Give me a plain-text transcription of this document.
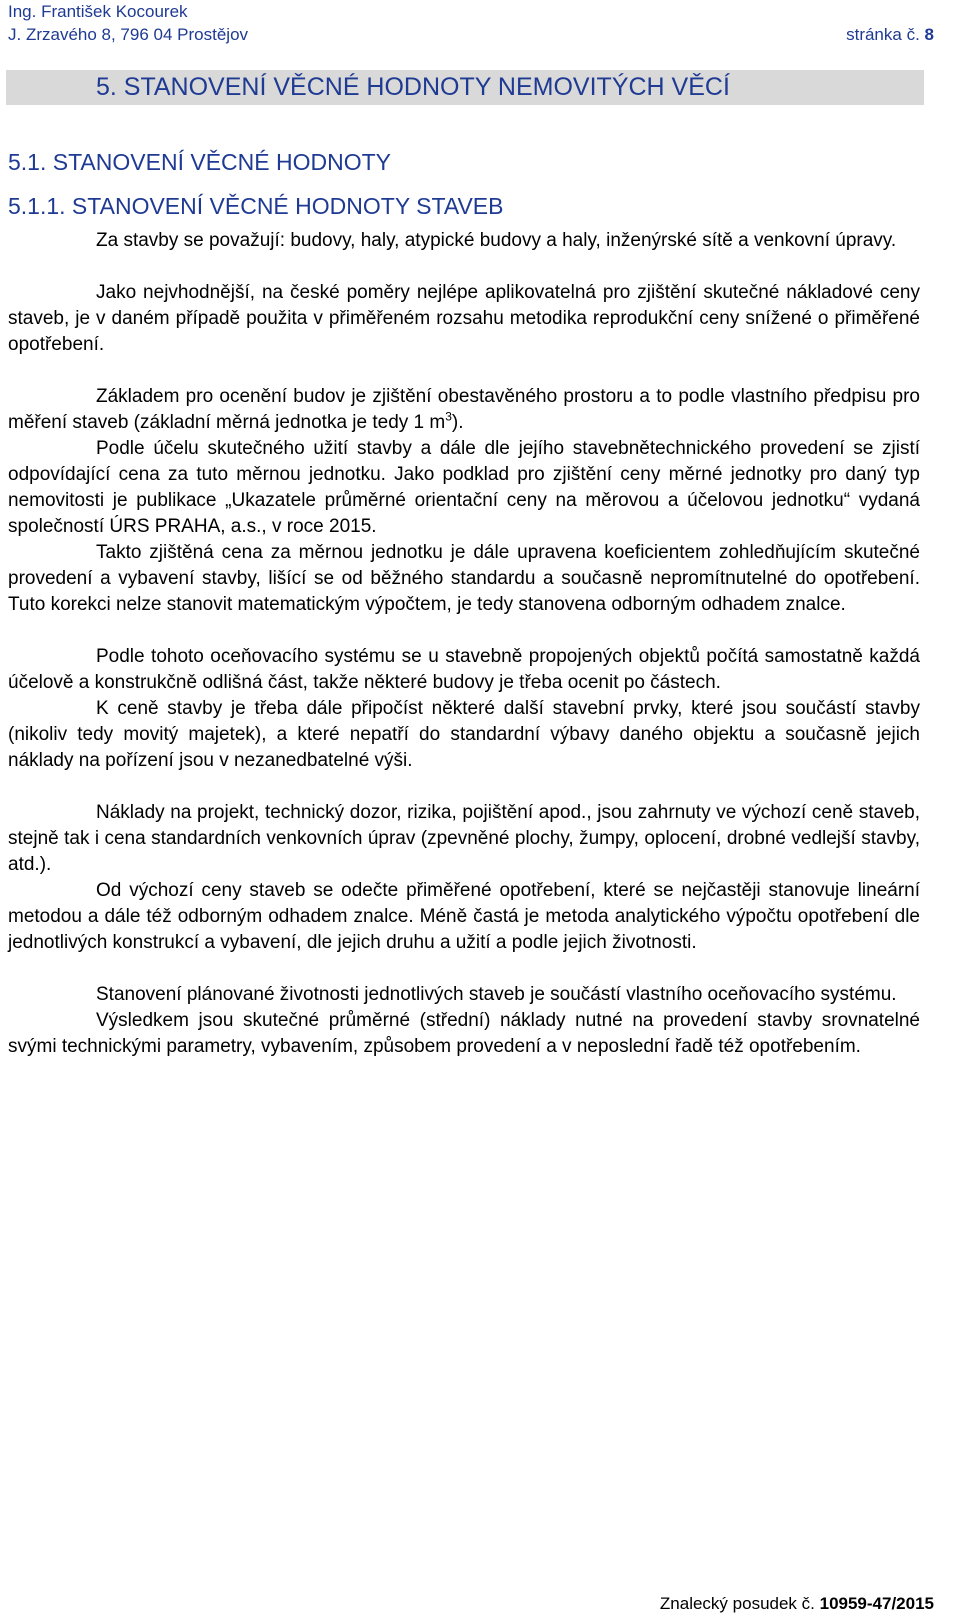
Ing. František Kocourek
J. Zrzavého 8, 796 04 Prostějov	stránka č. 8
5. STANOVENÍ VĚCNÉ HODNOTY NEMOVITÝCH VĚCÍ
5.1. STANOVENÍ VĚCNÉ HODNOTY
5.1.1. STANOVENÍ VĚCNÉ HODNOTY STAVEB

Za stavby se považují: budovy, haly, atypické budovy a haly, inženýrské sítě a venkovní úpravy.

Jako nejvhodnější, na české poměry nejlépe aplikovatelná pro zjištění skutečné nákladové ceny staveb, je v daném případě použita v přiměřeném rozsahu metodika reprodukční ceny snížené o přiměřené opotřebení.

Základem pro ocenění budov je zjištění obestavěného prostoru a to podle vlastního předpisu pro měření staveb (základní měrná jednotka je tedy 1 $m^3$).

Podle účelu skutečného užití stavby a dále dle jejího stavebnětechnického provedení se zjistí odpovídající cena za tuto měrnou jednotku. Jako podklad pro zjištění ceny měrné jednotky pro daný typ nemovitosti je publikace „Ukazatele průměrné orientační ceny na měrovou a účelovou jednotku“ vydaná společností ÚRS PRAHA, a.s., v roce 2015.

Takto zjištěná cena za měrnou jednotku je dále upravena koeficientem zohledňujícím skutečné provedení a vybavení stavby, lišící se od běžného standardu a současně nepromítnutelné do opotřebení. Tuto korekci nelze stanovit matematickým výpočtem, je tedy stanovena odborným odhadem znalce.

Podle tohoto oceňovacího systému se u stavebně propojených objektů počítá samostatně každá účelově a konstrukčně odlišná část, takže některé budovy je třeba ocenit po částech.

K ceně stavby je třeba dále připočíst některé další stavební prvky, které jsou součástí stavby (nikoliv tedy movitý majetek), a které nepatří do standardní výbavy daného objektu a současně jejich náklady na pořízení jsou v nezanedbatelné výši.

Náklady na projekt, technický dozor, rizika, pojištění apod., jsou zahrnuty ve výchozí ceně staveb, stejně tak i cena standardních venkovních úprav (zpevněné plochy, žumpy, oplocení, drobné vedlejší stavby, atd.).

Od výchozí ceny staveb se odečte přiměřené opotřebení, které se nejčastěji stanovuje lineární metodou a dále též odborným odhadem znalce. Méně častá je metoda analytického výpočtu opotřebení dle jednotlivých konstrukcí a vybavení, dle jejich druhu a užití a podle jejich životnosti.

Stanovení plánované životnosti jednotlivých staveb je součástí vlastního oceňovacího systému.

Výsledkem jsou skutečné průměrné (střední) náklady nutné na provedení stavby srovnatelné svými technickými parametry, vybavením, způsobem provedení a v neposlední řadě též opotřebením.

Znalecký posudek č. 10959-47/2015
